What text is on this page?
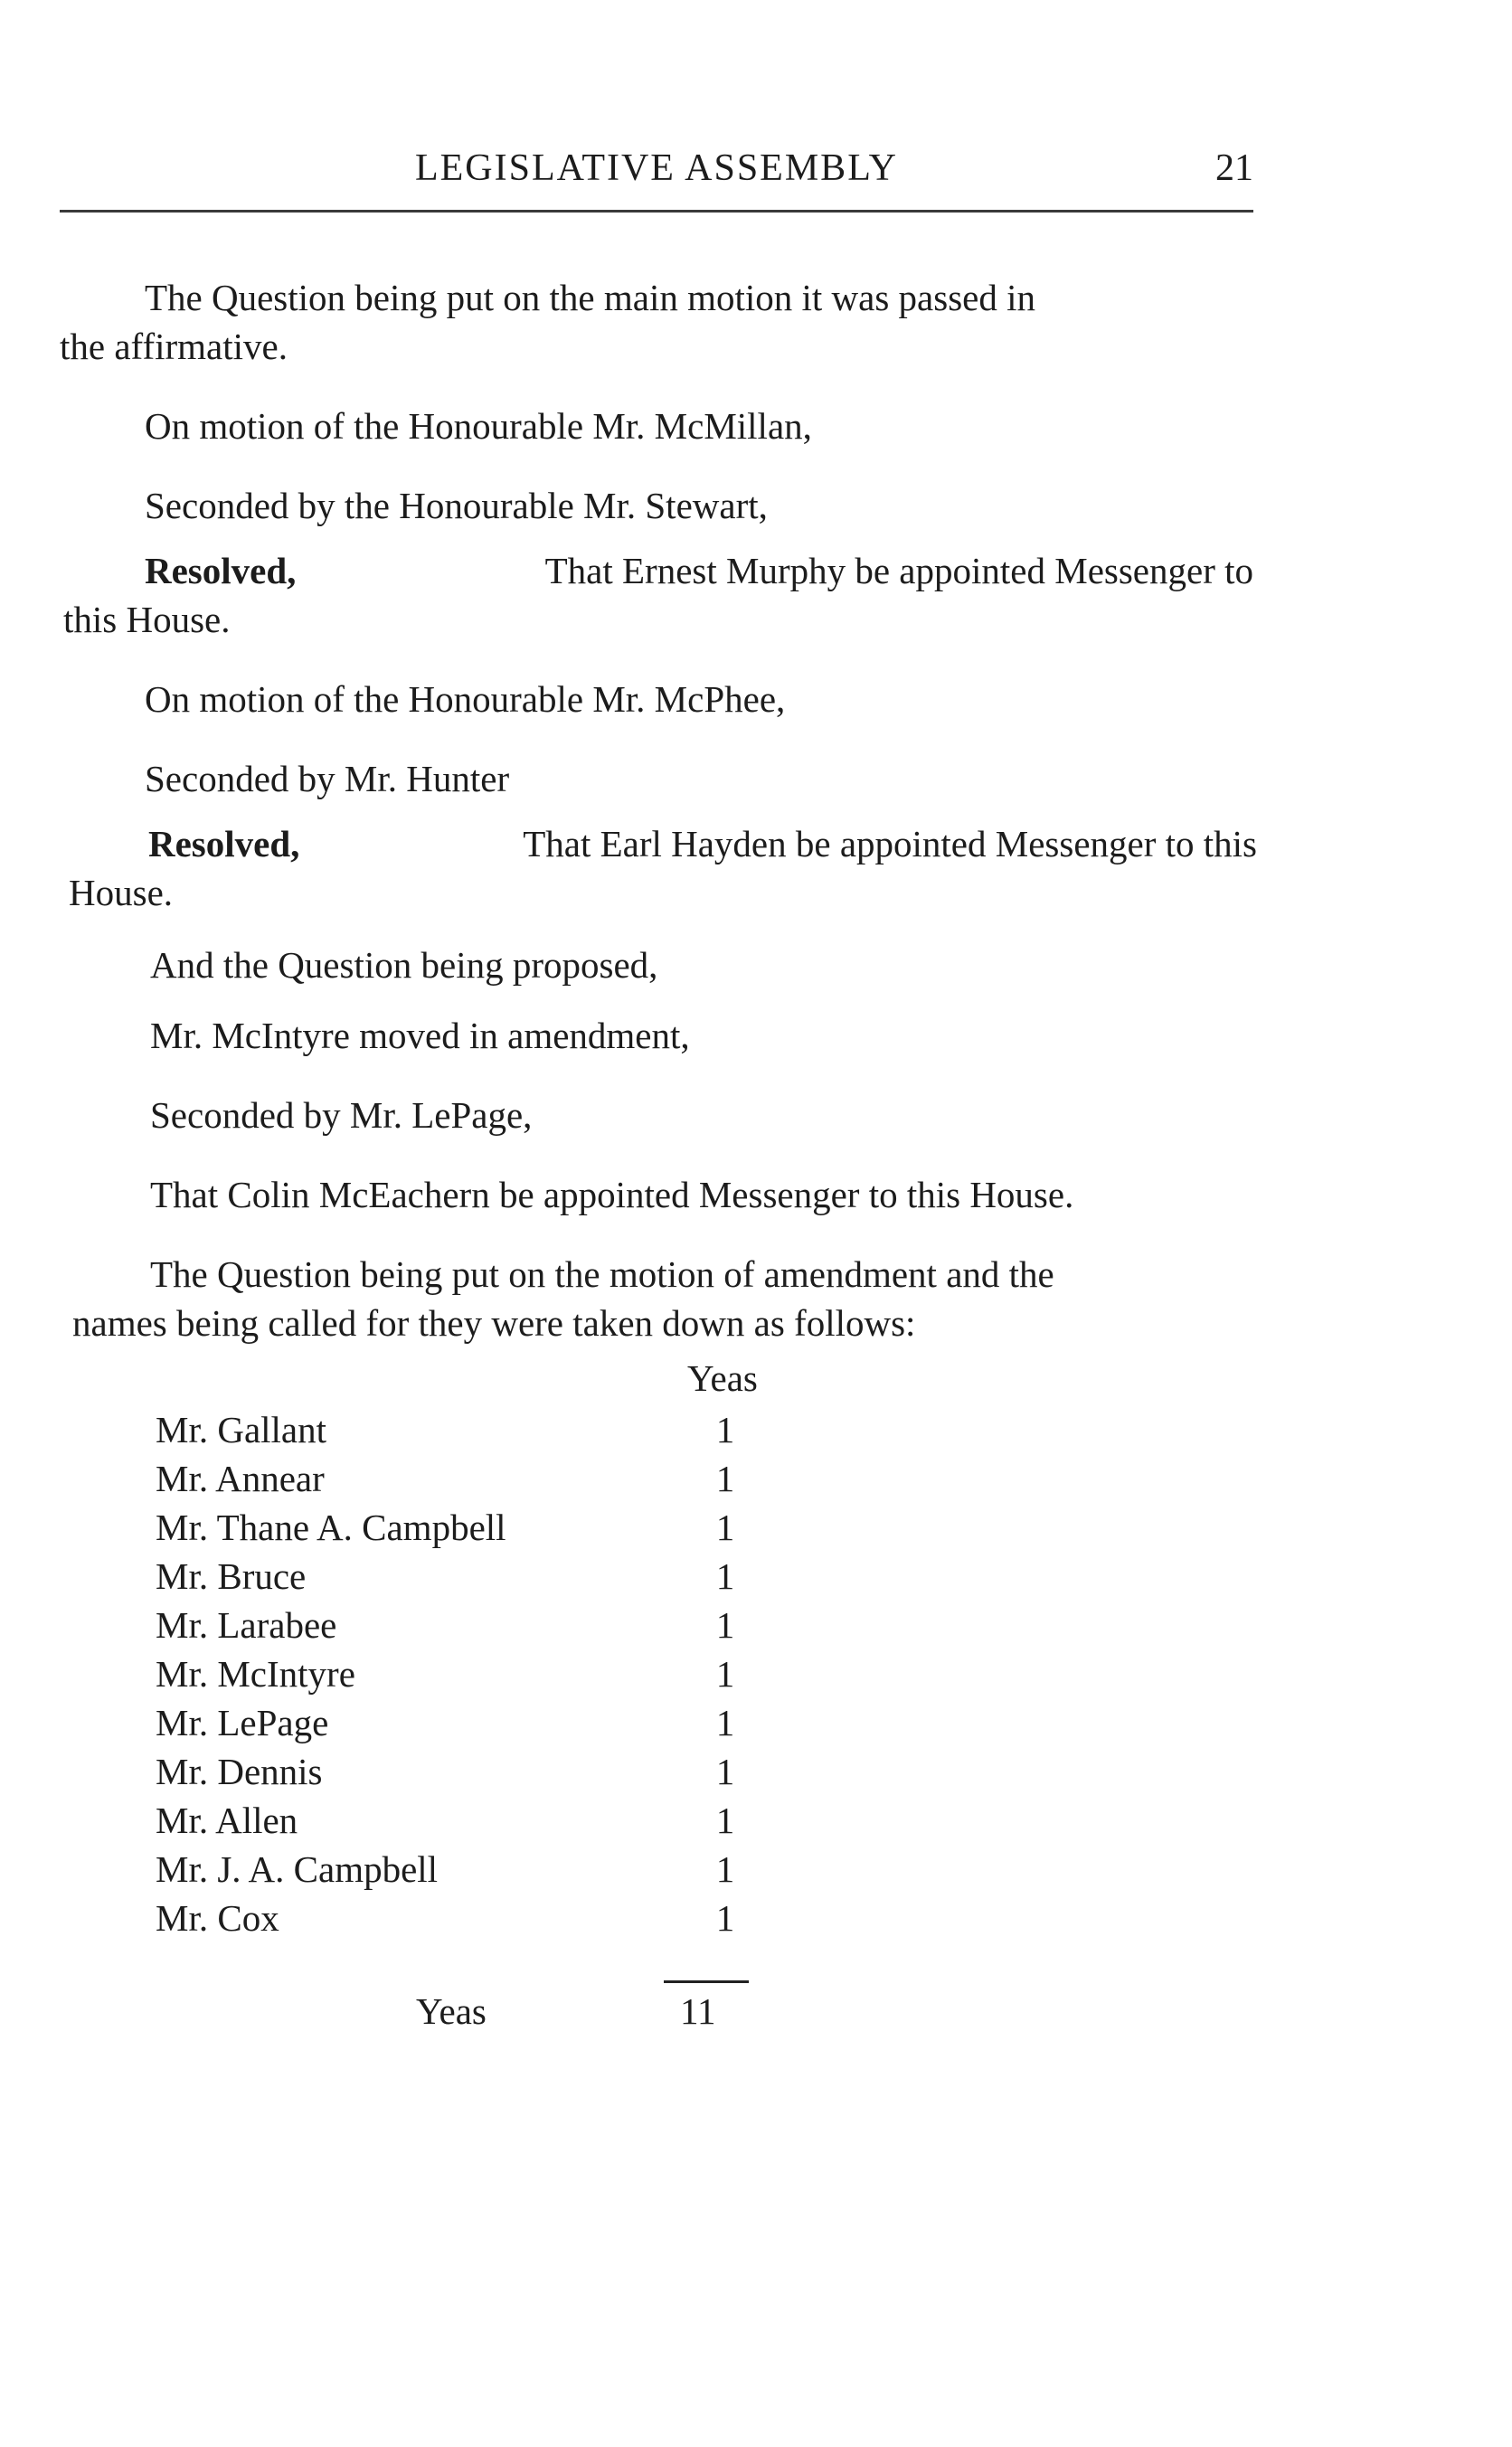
LEGISLATIVE ASSEMBLY	21
The Question being put on the main motion it was passed in
the affirmative.
On motion of the Honourable Mr. McMillan,
Seconded by the Honourable Mr. Stewart,
Resolved,	That Ernest Murphy be appointed Messenger to
this House.
On motion of the Honourable Mr. McPhee,
Seconded by Mr. Hunter
Resolved,	That Earl Hayden be appointed Messenger to this
House.
And the Question being proposed,
Mr. McIntyre moved in amendment,
Seconded by Mr. LePage,
That Colin McEachern be appointed Messenger to this House.
The Question being put on the motion of amendment and the
names being called for they were taken down as follows:
Yeas
Mr. Gallant	1
Mr. Annear	1
Mr. Thane A. Campbell	1
Mr. Bruce	1
Mr. Larabee	1
Mr. McIntyre	1
Mr. LePage	1
Mr. Dennis	1
Mr. Allen	1
Mr. J. A. Campbell	1
Mr. Cox	1
Yeas	11
